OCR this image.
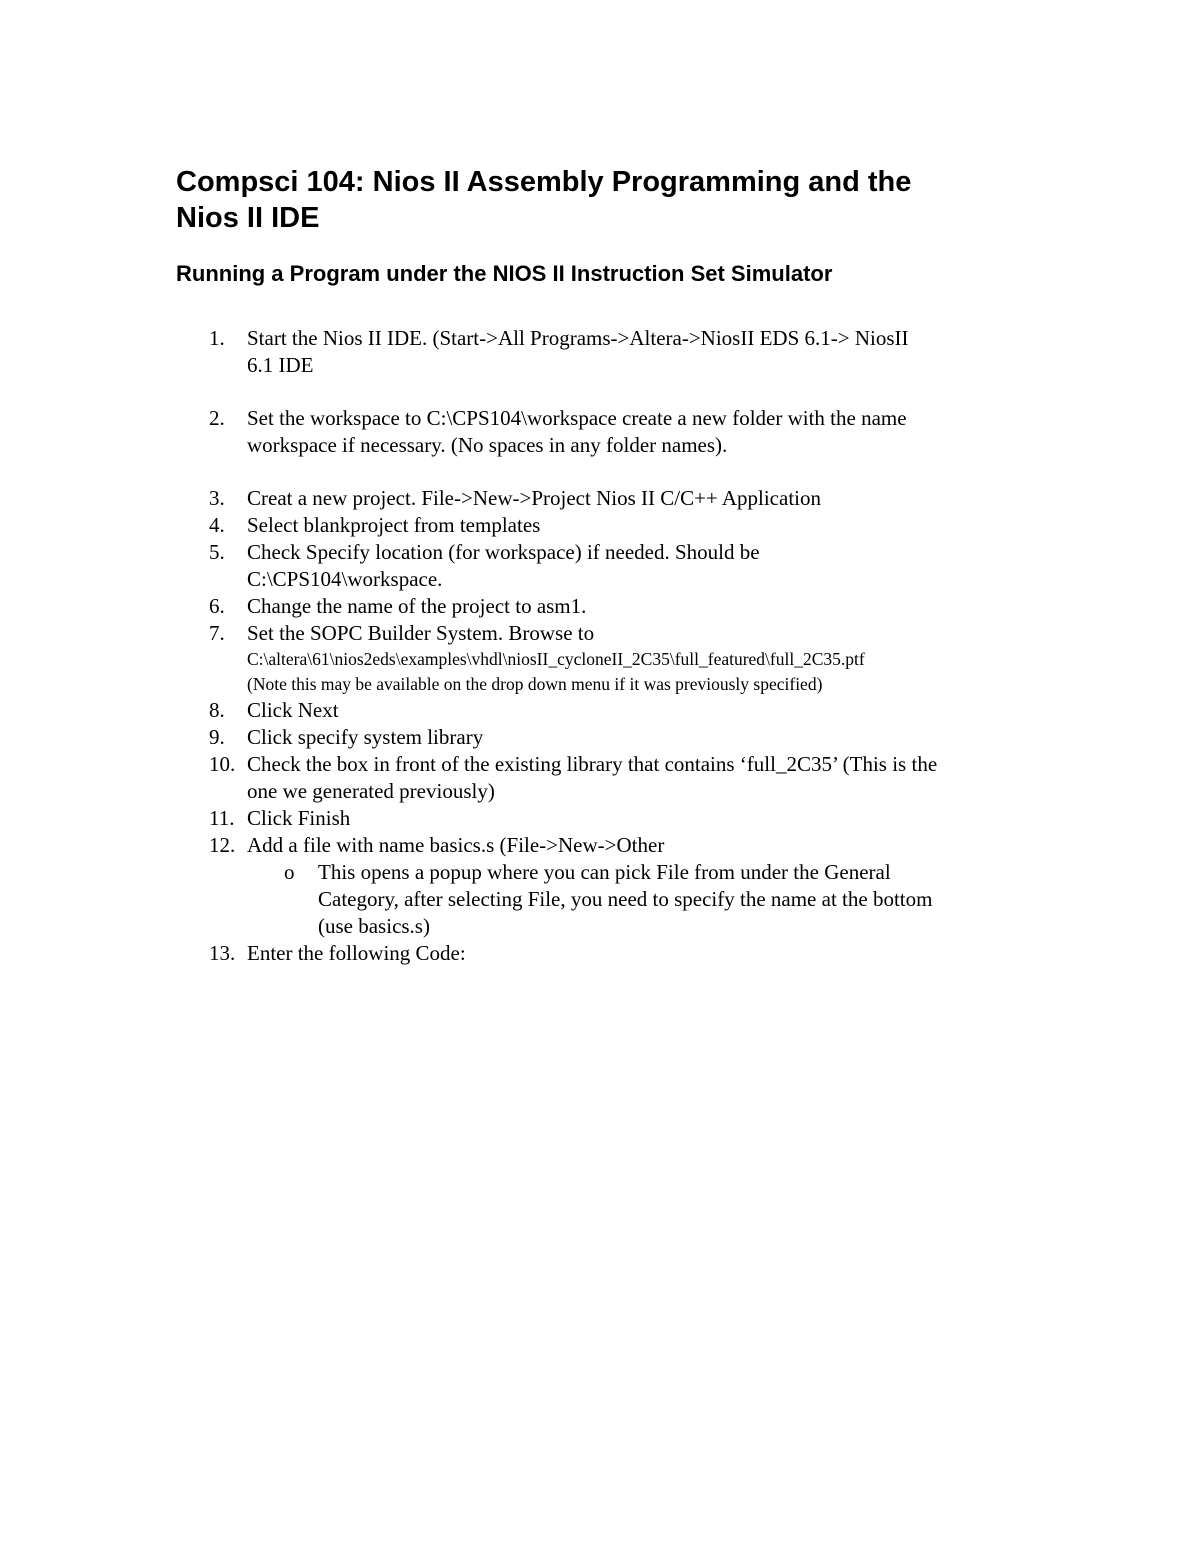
Compsci 104: Nios II Assembly Programming and the
Nios II IDE
Running a Program under the NIOS II Instruction Set Simulator
1. Start the Nios II IDE. (Start->All Programs->Altera->NiosII EDS 6.1-> NiosII
6.1 IDE
2. Set the workspace to C:\CPS104\workspace create a new folder with the name
workspace if necessary. (No spaces in any folder names).
3. Creat a new project. File->New->Project Nios II C/C++ Application
4. Select blankproject from templates
5. Check Specify location (for workspace) if needed. Should be
C:\CPS104\workspace.
6. Change the name of the project to asm1.
7. Set the SOPC Builder System. Browse to
C:\altera\61\nios2eds\examples\vhdl\niosII_cycloneII_2C35\full_featured\full_2C35.ptf
(Note this may be available on the drop down menu if it was previously specified)
8. Click Next
9. Click specify system library
10. Check the box in front of the existing library that contains ‘full_2C35’ (This is the
one we generated previously)
11. Click Finish
12. Add a file with name basics.s (File->New->Other
o This opens a popup where you can pick File from under the General
Category, after selecting File, you need to specify the name at the bottom
(use basics.s)
13. Enter the following Code:
